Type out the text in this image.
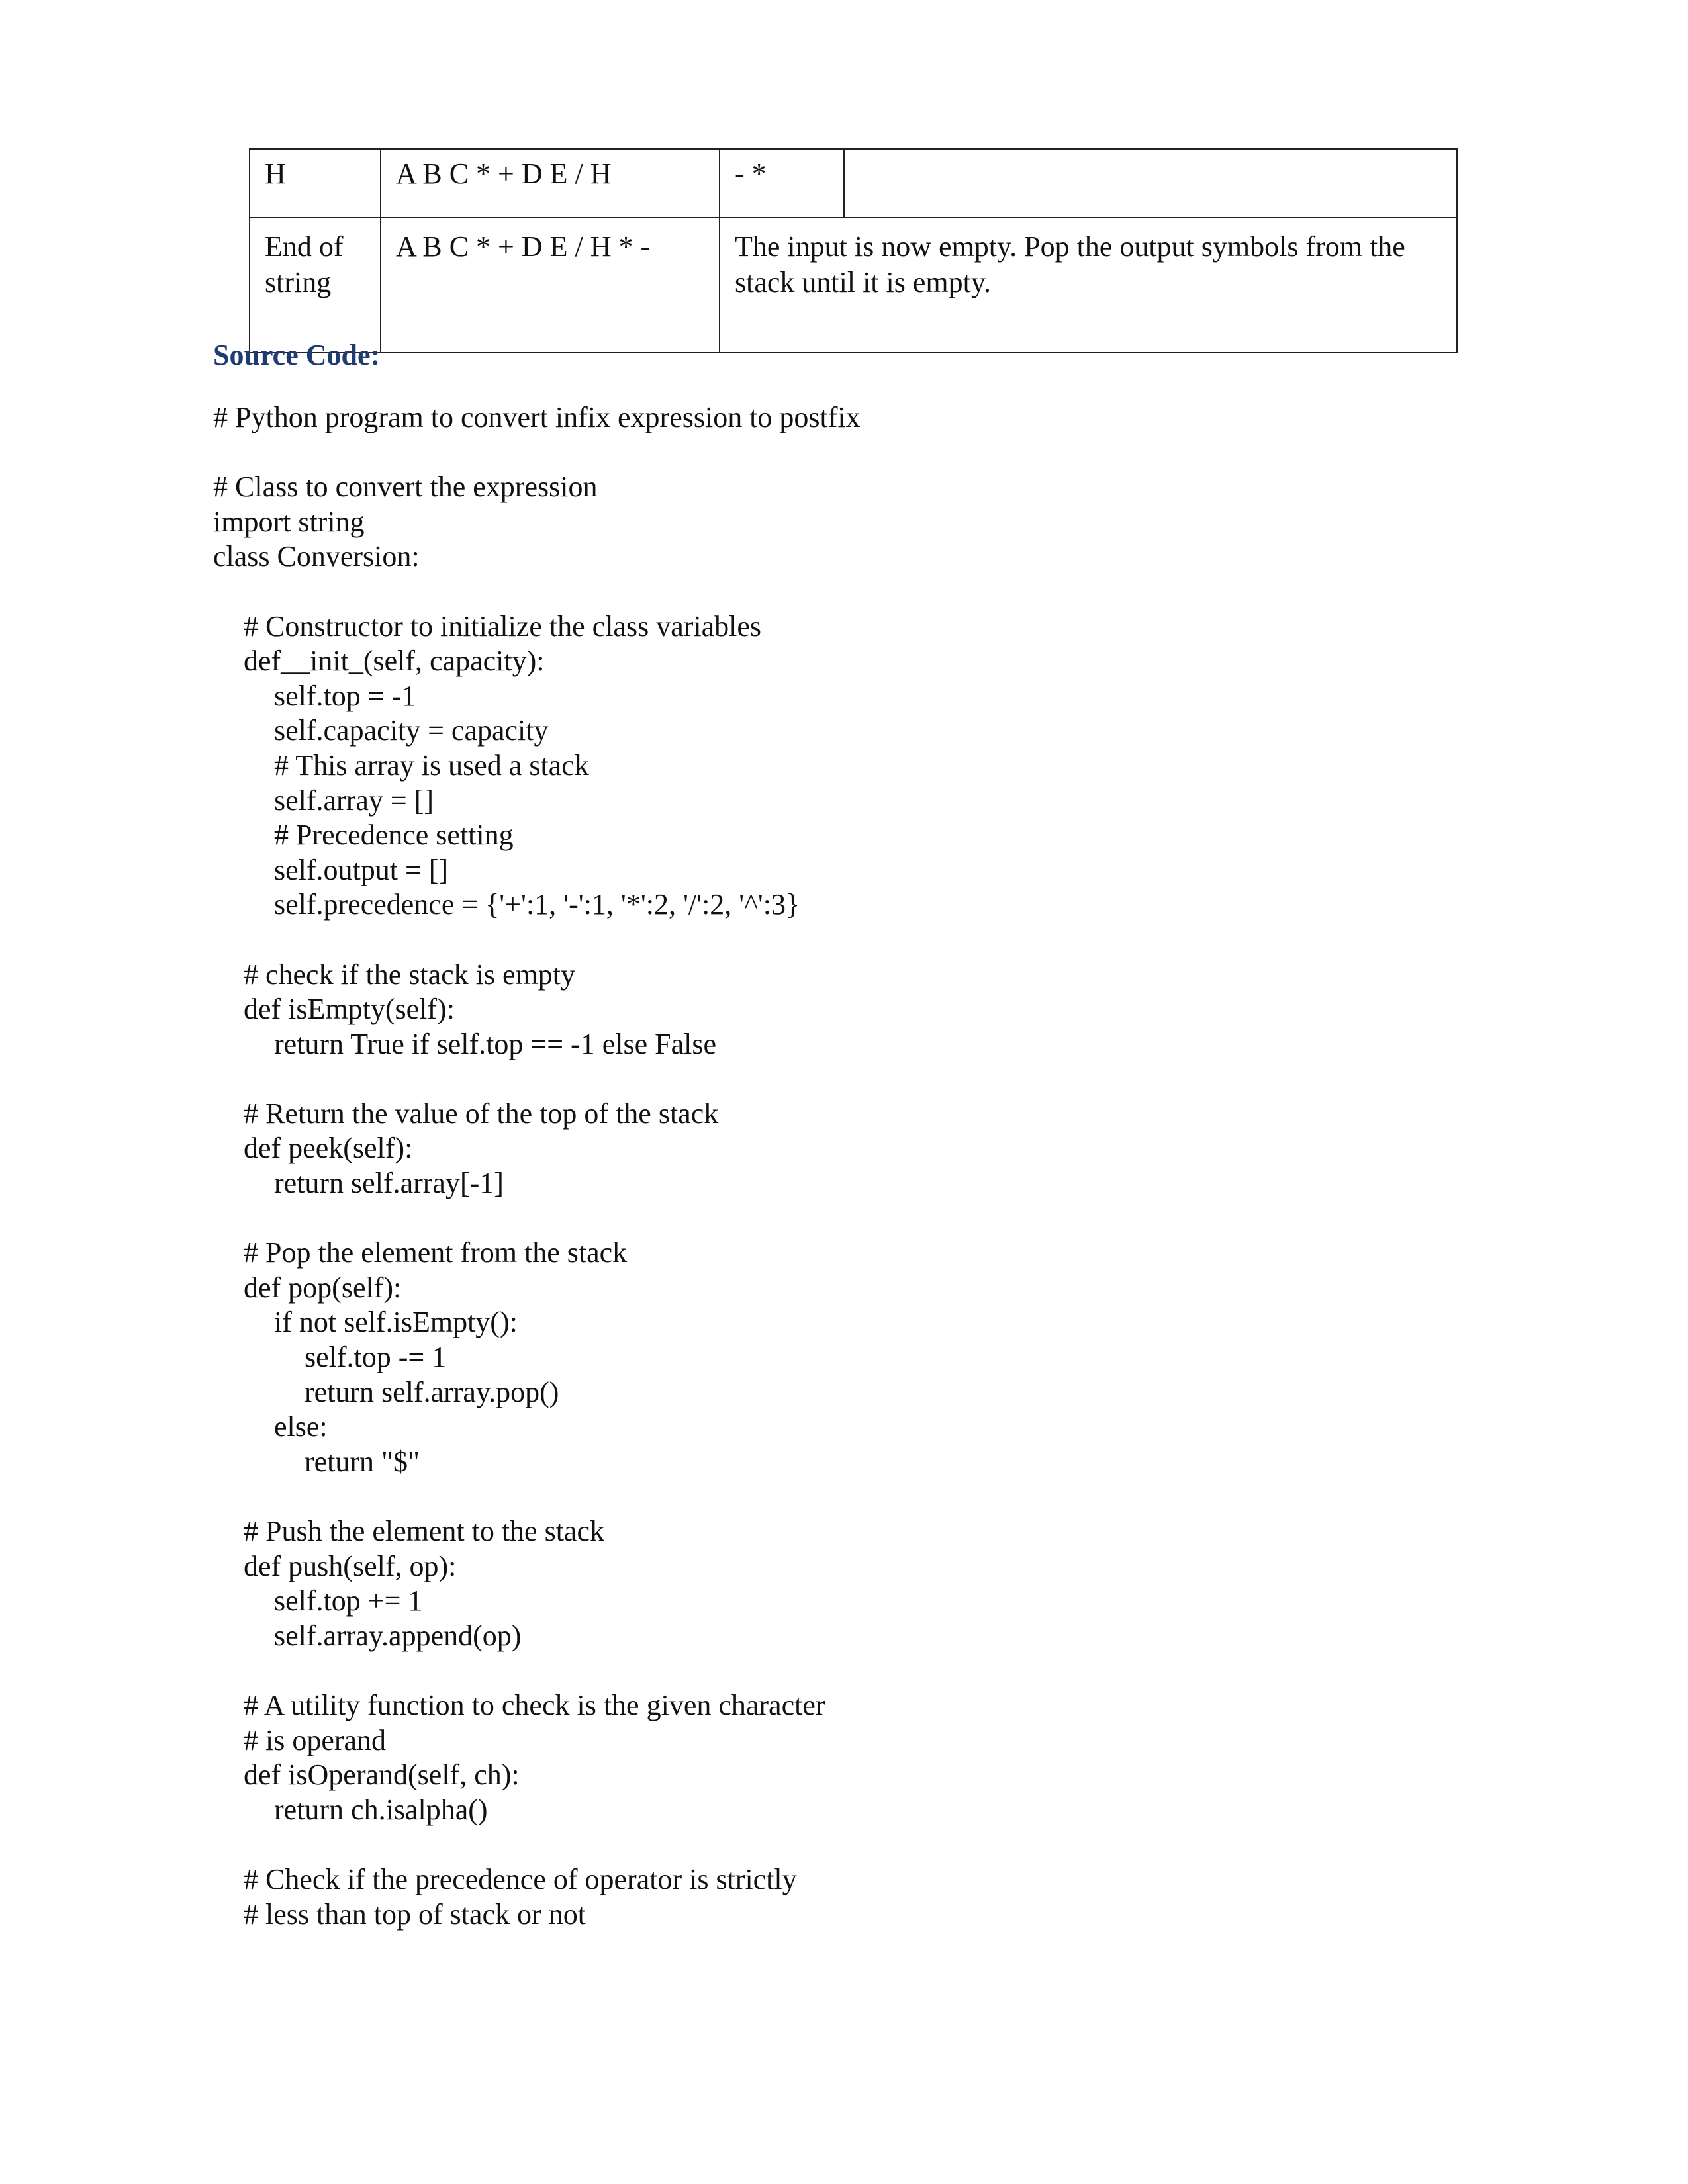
H	A B C * + D E / H	- *	
End of
string	A B C * + D E / H * -	The input is now empty. Pop the output symbols from the stack until it is empty.	
Source Code:
# Python program to convert infix expression to postfix
# Class to convert the expression
import string
class Conversion:
# Constructor to initialize the class variables
def__init_(self, capacity):
self.top = -1
self.capacity = capacity
# This array is used a stack
self.array = []
# Precedence setting
self.output = []
self.precedence = {'+':1, '-':1, '*':2, '/':2, '^':3}
# check if the stack is empty
def isEmpty(self):
return True if self.top == -1 else False
# Return the value of the top of the stack
def peek(self):
return self.array[-1]
# Pop the element from the stack
def pop(self):
if not self.isEmpty():
self.top -= 1
return self.array.pop()
else:
return "$"
# Push the element to the stack
def push(self, op):
self.top += 1
self.array.append(op)
# A utility function to check is the given character
# is operand
def isOperand(self, ch):
return ch.isalpha()
# Check if the precedence of operator is strictly
# less than top of stack or not
